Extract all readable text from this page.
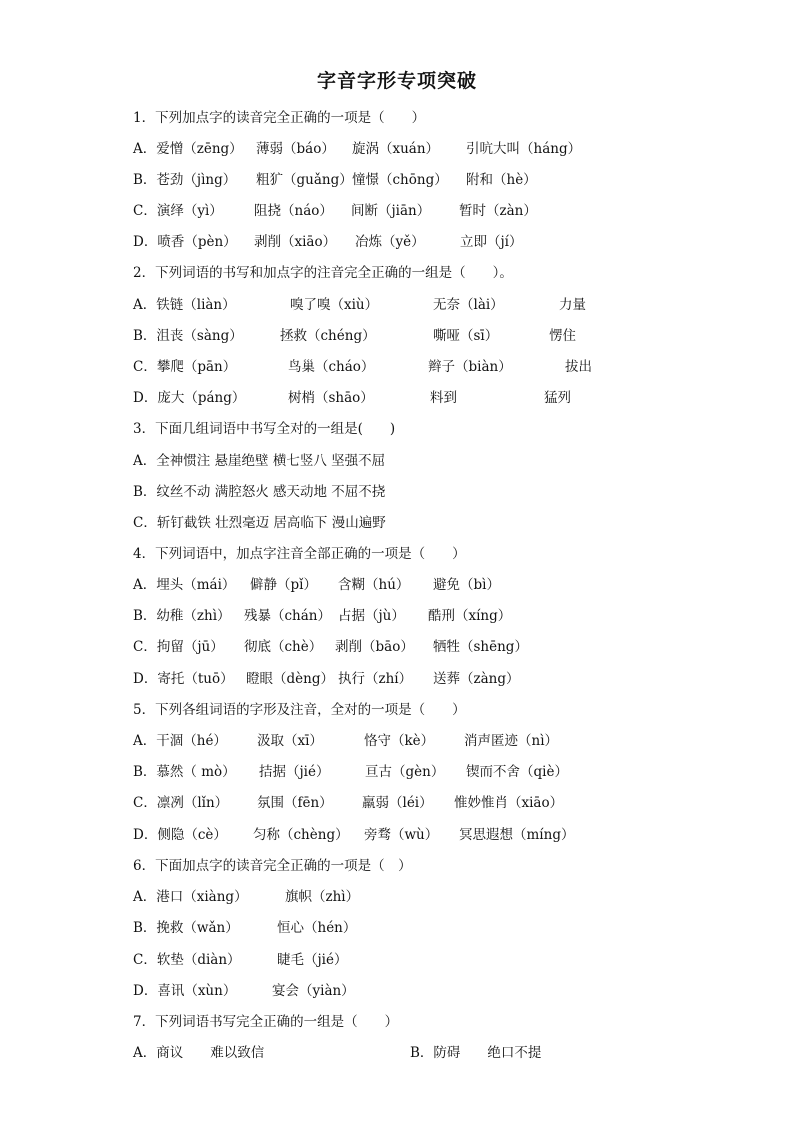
字音字形专项突破
1．下列加点字的读音完全正确的一项是（　　）
A．爱憎（zēng） 薄弱（báo） 旋涡（xuán） 引吭大叫（háng）
B．苍劲（jìng） 粗犷（guǎng） 憧憬（chōng） 附和（hè）
C．演绎（yì） 阻挠（náo） 间断（jiān） 暂时（zàn）
D．喷香（pèn） 剥削（xiāo） 冶炼（yě）	立即（jí）
2．下列词语的书写和加点字的注音完全正确的一组是（　　）。
A．铁链（liàn）	嗅了嗅（xiù）	无奈（lài）	力量
B．沮丧（sàng）	拯救（chéng）	嘶哑（sī）	愣住
C．攀爬（pān）	鸟巢（cháo）	辫子（biàn）	拔出
D．庞大（páng）	树梢（shāo）	料到	猛列
3．下面几组词语中书写全对的一组是(　　)
A．全神惯注 悬崖绝壁 横七竖八 坚强不屈
B．纹丝不动 满腔怒火 感天动地 不屈不挠
C．斩钉截铁 壮烈毫迈 居高临下 漫山遍野
4．下列词语中，加点字注音全部正确的一项是（　　）
A．埋头（mái） 僻静（pǐ） 含糊（hú） 避免（bì）
B．幼稚（zhì） 残暴（chán） 占据（jù） 酷刑（xíng）
C．拘留（jū） 彻底（chè） 剥削（bāo） 牺牲（shēng）
D．寄托（tuō） 瞪眼（dèng） 执行（zhí） 送葬（zàng）
5．下列各组词语的字形及注音，全对的一项是（　　）
A．干涸（hé） 汲取（xī）	恪守（kè） 消声匿迹（nì）
B．慕然（ mò） 拮据（jié）	亘古（gèn） 锲而不舍（qiè）
C．凛冽（lǐn） 氛围（fēn） 羸弱（léi） 惟妙惟肖（xiāo）
D．侧隐（cè） 匀称（chèng） 旁骛（wù） 冥思遐想（míng）
6．下面加点字的读音完全正确的一项是（　）
A．港口（xiàng）	旗帜（zhì）
B．挽救（wǎn）	恒心（hén）
C．软垫（diàn）	睫毛（jié）
D．喜讯（xùn）	宴会（yiàn）
7．下列词语书写完全正确的一组是（　　）
A．商议　　难以致信	B．防碍　　绝口不提
